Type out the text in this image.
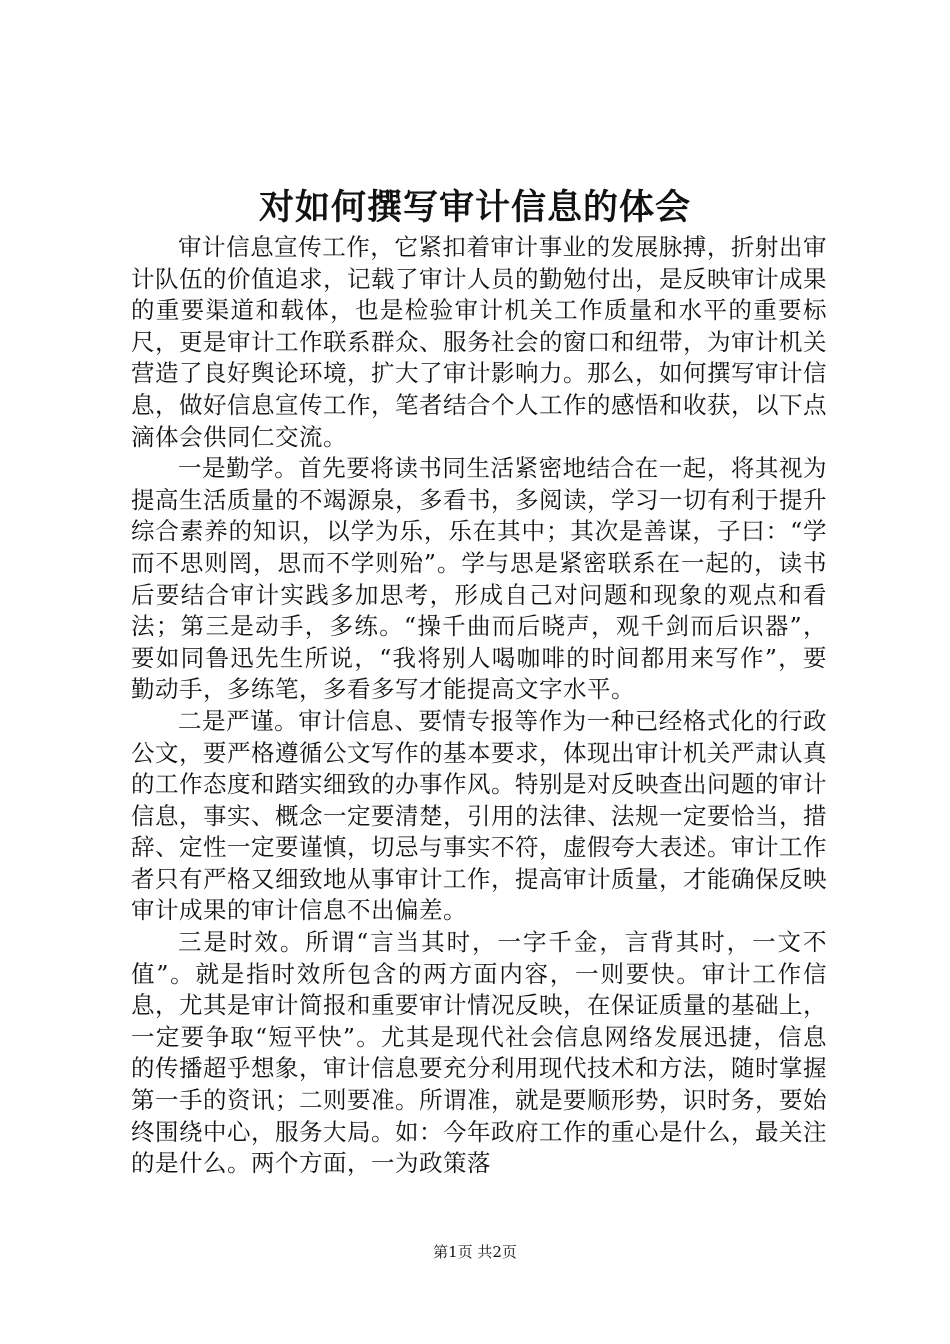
对如何撰写审计信息的体会

审计信息宣传工作，它紧扣着审计事业的发展脉搏，折射出审计队伍的价值追求，记载了审计人员的勤勉付出，是反映审计成果的重要渠道和载体，也是检验审计机关工作质量和水平的重要标尺，更是审计工作联系群众、服务社会的窗口和纽带，为审计机关营造了良好舆论环境，扩大了审计影响力。那么，如何撰写审计信息，做好信息宣传工作，笔者结合个人工作的感悟和收获，以下点滴体会供同仁交流。

一是勤学。首先要将读书同生活紧密地结合在一起，将其视为提高生活质量的不竭源泉，多看书，多阅读，学习一切有利于提升综合素养的知识，以学为乐，乐在其中；其次是善谋，子曰：“学而不思则罔，思而不学则殆”。学与思是紧密联系在一起的，读书后要结合审计实践多加思考，形成自己对问题和现象的观点和看法；第三是动手，多练。“操千曲而后晓声，观千剑而后识器”，要如同鲁迅先生所说，“我将别人喝咖啡的时间都用来写作”，要勤动手，多练笔，多看多写才能提高文字水平。

二是严谨。审计信息、要情专报等作为一种已经格式化的行政公文，要严格遵循公文写作的基本要求，体现出审计机关严肃认真的工作态度和踏实细致的办事作风。特别是对反映查出问题的审计信息，事实、概念一定要清楚，引用的法律、法规一定要恰当，措辞、定性一定要谨慎，切忌与事实不符，虚假夸大表述。审计工作者只有严格又细致地从事审计工作，提高审计质量，才能确保反映审计成果的审计信息不出偏差。

三是时效。所谓“言当其时，一字千金，言背其时，一文不值”。就是指时效所包含的两方面内容，一则要快。审计工作信息，尤其是审计简报和重要审计情况反映，在保证质量的基础上，一定要争取“短平快”。尤其是现代社会信息网络发展迅捷，信息的传播超乎想象，审计信息要充分利用现代技术和方法，随时掌握第一手的资讯；二则要准。所谓准，就是要顺形势，识时务，要始终围绕中心，服务大局。如：今年政府工作的重心是什么，最关注的是什么。两个方面，一为政策落

第1页 共2页
